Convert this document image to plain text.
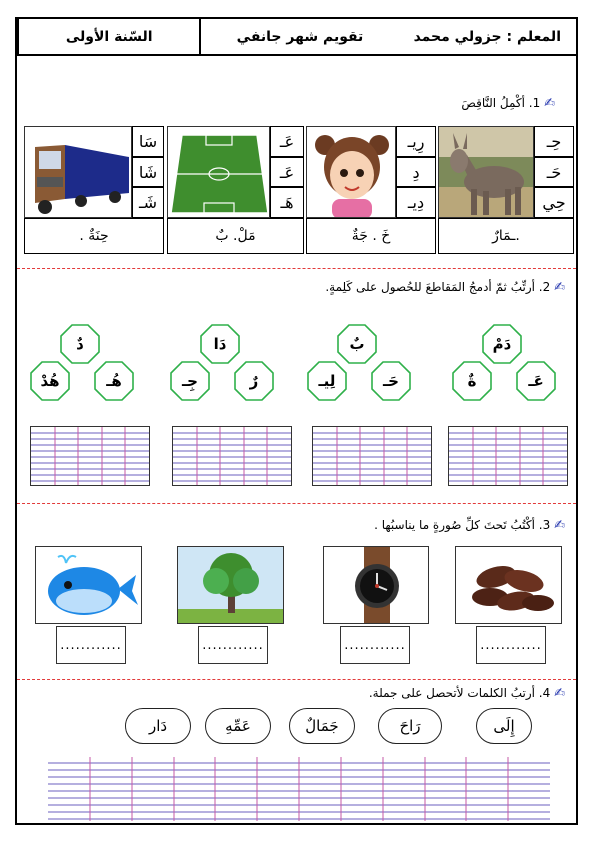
المعلم : جزولي محمد
تقويم شهر جانفي
السّنة الأولى
✍ 1. أكْمِلُ النَّاقِصَ
حِـ
حَـ
حِي
ـمَارٌ.
رِيـ
دِ
دِيـ
خَ . جَةٌ
عَـ
عَـ
هَـ
مَلْ. بٌ
سَا
شَا
شَـ
. حِنَةٌ
✍ 2. أرتِّبُ ثمّ أدمجُ المَقاطعَ للحُصول على كَلِمةٍ.
دَمْ
ةٌ	عَـ
بٌ
لِيـ	حَـ
دَا
جِـ	رٌ
دٌ
هُدْ	هُـ
✍ 3. أكْتُبُ تَحتَ كلِّ صُورةٍ ما يناسبُها .
............
............
............
............
✍ 4. أرتبُ الكلمات لأتحصل على جملة.
إِلَى
رَاحَ
جَمَالٌ
عَمِّهِ
دَار
